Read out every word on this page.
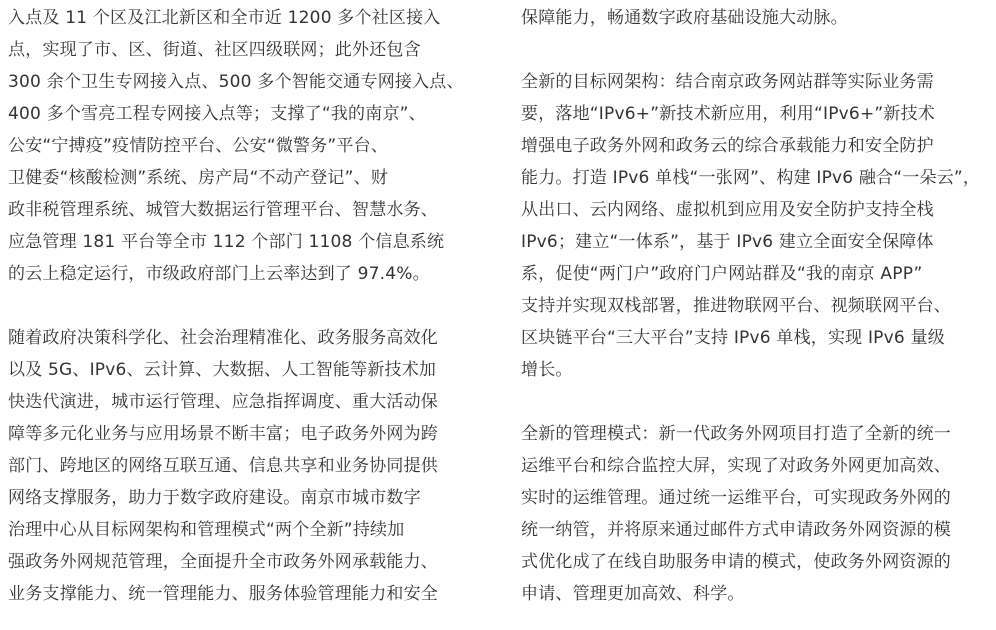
入点及 11 个区及江北新区和全市近 1200 多个社区接入
点，实现了市、区、街道、社区四级联网；此外还包含
300 余个卫生专网接入点、500 多个智能交通专网接入点、
400 多个雪亮工程专网接入点等；支撑了“我的南京”、
公安“宁搏疫”疫情防控平台、公安“微警务”平台、
卫健委“核酸检测”系统、房产局“不动产登记”、财
政非税管理系统、城管大数据运行管理平台、智慧水务、
应急管理 181 平台等全市 112 个部门 1108 个信息系统
的云上稳定运行，市级政府部门上云率达到了 97.4%。
随着政府决策科学化、社会治理精准化、政务服务高效化
以及 5G、IPv6、云计算、大数据、人工智能等新技术加
快迭代演进，城市运行管理、应急指挥调度、重大活动保
障等多元化业务与应用场景不断丰富；电子政务外网为跨
部门、跨地区的网络互联互通、信息共享和业务协同提供
网络支撑服务，助力于数字政府建设。南京市城市数字
治理中心从目标网架构和管理模式“两个全新”持续加
强政务外网规范管理，全面提升全市政务外网承载能力、
业务支撑能力、统一管理能力、服务体验管理能力和安全
保障能力，畅通数字政府基础设施大动脉。
全新的目标网架构：结合南京政务网站群等实际业务需
要，落地“IPv6+”新技术新应用，利用“IPv6+”新技术
增强电子政务外网和政务云的综合承载能力和安全防护
能力。打造 IPv6 单栈“一张网”、构建 IPv6 融合“一朵云”，
从出口、云内网络、虚拟机到应用及安全防护支持全栈
IPv6；建立“一体系”，基于 IPv6 建立全面安全保障体
系，促使“两门户”政府门户网站群及“我的南京 APP”
支持并实现双栈部署，推进物联网平台、视频联网平台、
区块链平台“三大平台”支持 IPv6 单栈，实现 IPv6 量级
增长。
全新的管理模式：新一代政务外网项目打造了全新的统一
运维平台和综合监控大屏，实现了对政务外网更加高效、
实时的运维管理。通过统一运维平台，可实现政务外网的
统一纳管，并将原来通过邮件方式申请政务外网资源的模
式优化成了在线自助服务申请的模式，使政务外网资源的
申请、管理更加高效、科学。
